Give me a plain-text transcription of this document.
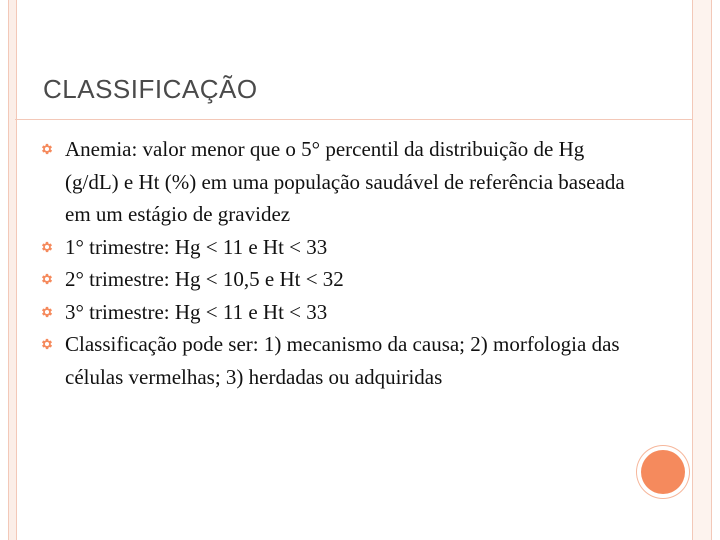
CLASSIFICAÇÃO
Anemia: valor menor que o 5° percentil da distribuição de Hg (g/dL) e Ht (%) em uma população saudável de referência baseada em um estágio de gravidez
1° trimestre: Hg < 11 e Ht < 33
2° trimestre: Hg < 10,5 e Ht < 32
3° trimestre: Hg < 11 e Ht < 33
Classificação pode ser: 1) mecanismo da causa; 2) morfologia das células vermelhas; 3) herdadas ou adquiridas
